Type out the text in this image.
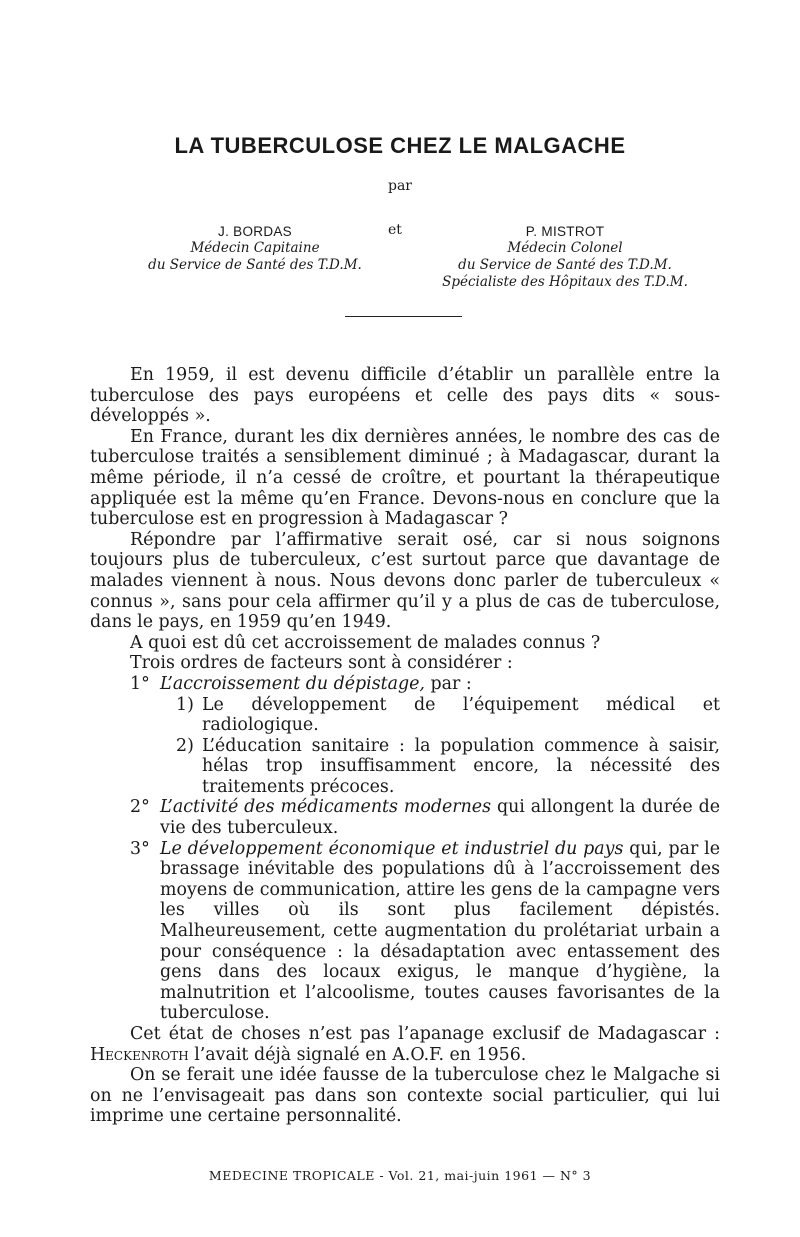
LA TUBERCULOSE CHEZ LE MALGACHE
par
J. BORDAS
Médecin Capitaine
du Service de Santé des T.D.M.
et	P. MISTROT
Médecin Colonel
du Service de Santé des T.D.M.
Spécialiste des Hôpitaux des T.D.M.

En 1959, il est devenu difficile d’établir un parallèle entre la tuberculose des pays européens et celle des pays dits « sous-développés ».

En France, durant les dix dernières années, le nombre des cas de tuberculose traités a sensiblement diminué ; à Madagascar, durant la même période, il n’a cessé de croître, et pourtant la thérapeutique appliquée est la même qu’en France. Devons-nous en conclure que la tuberculose est en progression à Madagascar ?

Répondre par l’affirmative serait osé, car si nous soignons toujours plus de tuberculeux, c’est surtout parce que davantage de malades viennent à nous. Nous devons donc parler de tuberculeux « connus », sans pour cela affirmer qu’il y a plus de cas de tuberculose, dans le pays, en 1959 qu’en 1949.

A quoi est dû cet accroissement de malades connus ?

Trois ordres de facteurs sont à considérer :

1° L’accroissement du dépistage, par :
1) Le développement de l’équipement médical et radiologique.
2) L’éducation sanitaire : la population commence à saisir, hélas trop insuffisamment encore, la nécessité des traitements précoces.
2° L’activité des médicaments modernes qui allongent la durée de vie des tuberculeux.
3° Le développement économique et industriel du pays qui, par le brassage inévitable des populations dû à l’accroissement des moyens de communication, attire les gens de la campagne vers les villes où ils sont plus facilement dépistés. Malheureusement, cette augmentation du prolétariat urbain a pour conséquence : la désadaptation avec entassement des gens dans des locaux exigus, le manque d’hygiène, la malnutrition et l’alcoolisme, toutes causes favorisantes de la tuberculose.

Cet état de choses n’est pas l’apanage exclusif de Madagascar : Heckenroth l’avait déjà signalé en A.O.F. en 1956.

On se ferait une idée fausse de la tuberculose chez le Malgache si on ne l’envisageait pas dans son contexte social particulier, qui lui imprime une certaine personnalité.

MEDECINE TROPICALE - Vol. 21, mai-juin 1961 — N° 3
